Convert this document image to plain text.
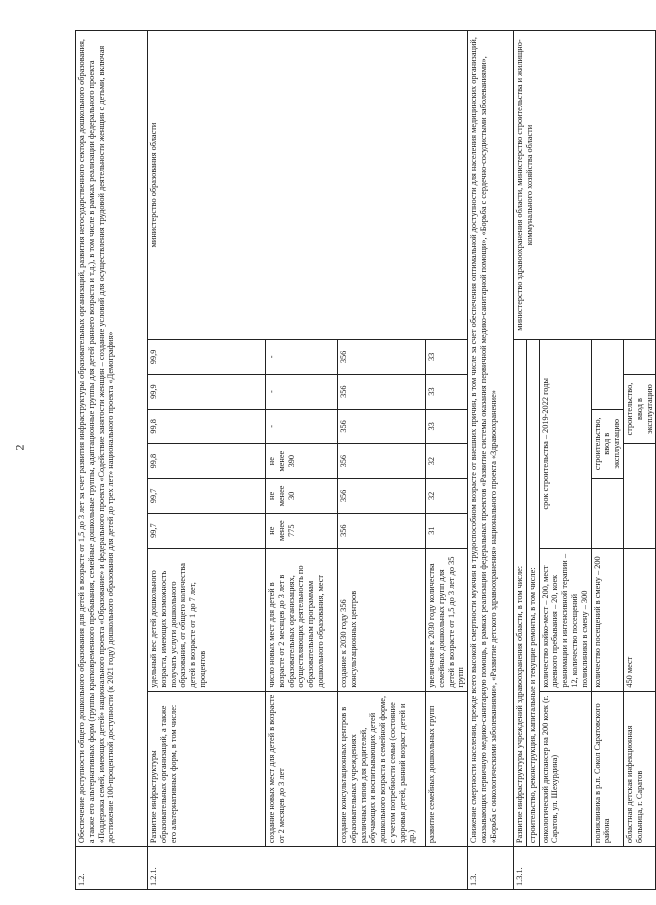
2
1.2.	Обеспечение доступности общего дошкольного образования для детей в возрасте от 1,5 до 3 лет за счет развития инфраструктуры образовательных организаций, развития негосударственного сектора дошкольного образования, а также его альтернативных форм (группы кратковременного пребывания, семейные дошкольные группы, адаптационные группы для детей раннего возраста и т.д.), в том числе в рамках реализации федерального проекта «Поддержка семей, имеющих детей» национального проекта «Образование» и федерального проекта «Содействие занятости женщин – создание условий для осуществления трудовой деятельности женщин с детьми, включая достижение 100-процентной доступности (к 2021 году) дошкольного образования для детей до трех лет» национального проекта «Демография»								
1.2.1.	Развитие инфраструктуры образовательных организаций, а также его альтернативных форм, в том числе:	удельный вес детей дошкольного возраста, имеющих возможность получать услуги дошкольного образования, от общего количества детей в возрасте от 1 до 7 лет, процентов	99,7	99,7	99,8	99,8	99,9	99,9	министерство образования области
	создание новых мест для детей в возрасте от 2 месяцев до 3 лет	число новых мест для детей в возрасте от 2 месяцев до 3 лет в образовательных организациях, осуществляющих деятельность по образовательным программам дошкольного образования, мест	не менее 775	не менее 30	не менее 390	-	-	-	
	создание консультационных центров в образовательных учреждениях различных типов для родителей, обучающих и воспитывающих детей дошкольного возраста в семейной форме, с учетом потребности семьи (состояние здоровья детей, ранний возраст детей и др.)	создание к 2030 году 356 консультационных центров	356	356	356	356	356	356	
	развитие семейных дошкольных групп	увеличение к 2030 году количества семейных дошкольных групп для детей в возрасте от 1,5 до 3 лет до 35 групп	31	32	32	33	33	33	
1.3.	Снижение смертности населения, прежде всего высокой смертности мужчин в трудоспособном возрасте от внешних причин, в том числе за счет обеспечения оптимальной доступности для населения медицинских организаций, оказывающих первичную медико-санитарную помощь, в рамках реализации федеральных проектов «Развитие системы оказания первичной медико-санитарной помощи», «Борьба с сердечно-сосудистыми заболеваниями», «Борьба с онкологическими заболеваниями», «Развитие детского здравоохранения» национального проекта «Здравоохранение»								
1.3.1.	Развитие инфраструктуры учреждений здравоохранения области, в том числе:								министерство здравоохранения области, министерство строительства и жилищно-коммунального хозяйства области
	строительство, реконструкция, капитальные и текущие ремонты, в том числе:								
	онкологический диспансер на 200 коек (г. Саратов, ул. Шехурдина)	количество койко-мест – 200, мест дневного пребывания – 20, коек реанимации и интенсивной терапии – 12, количество посещений поликлиники в смену – 300	срок строительства – 2019-2022 годы						
	поликлиника в р.п. Сокол Саратовского района	количество посещений в смену – 200			строительство,
ввод в эксплуатацию				
	областная детская инфекционная больница, г. Саратов	450 мест				строительство,
ввод в эксплуатацию			
